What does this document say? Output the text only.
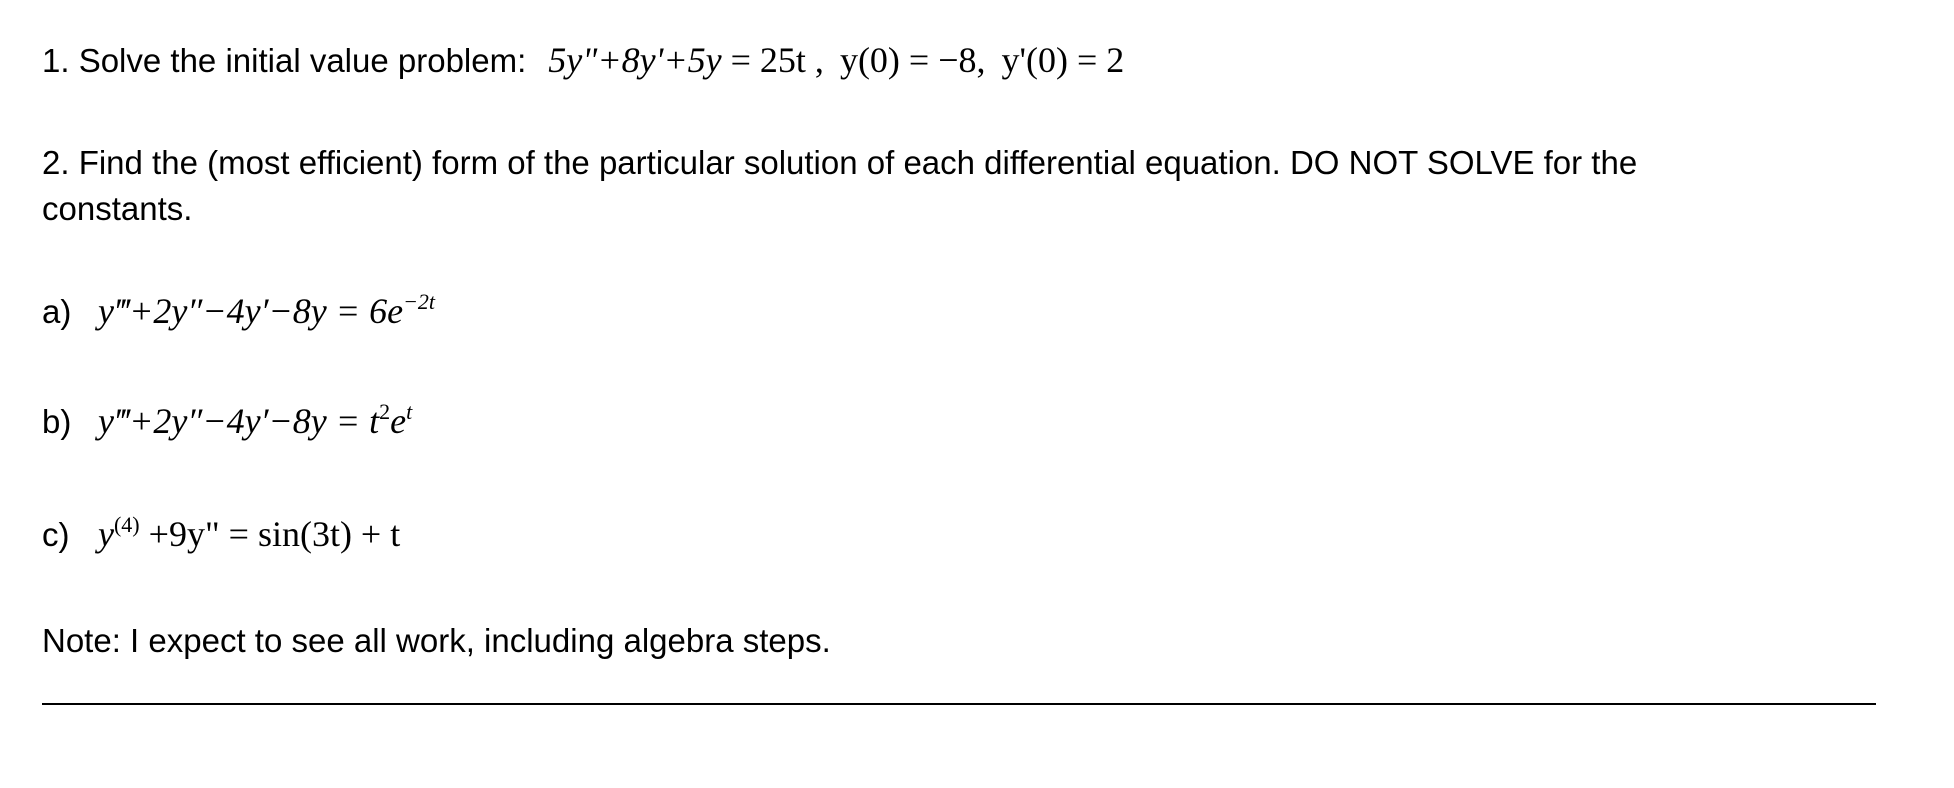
1. Solve the initial value problem: 5y"+8y'+5y = 25t , y(0) = −8, y'(0) = 2
2. Find the (most efficient) form of the particular solution of each differential equation. DO NOT SOLVE for the
constants.
a) y‴+2y″−4y′−8y = $6e^{-2t}$
b) y‴+2y″−4y′−8y = $t^2e^t$
c) $y^{(4)} +9y$" = sin(3t) + t
Note: I expect to see all work, including algebra steps.
